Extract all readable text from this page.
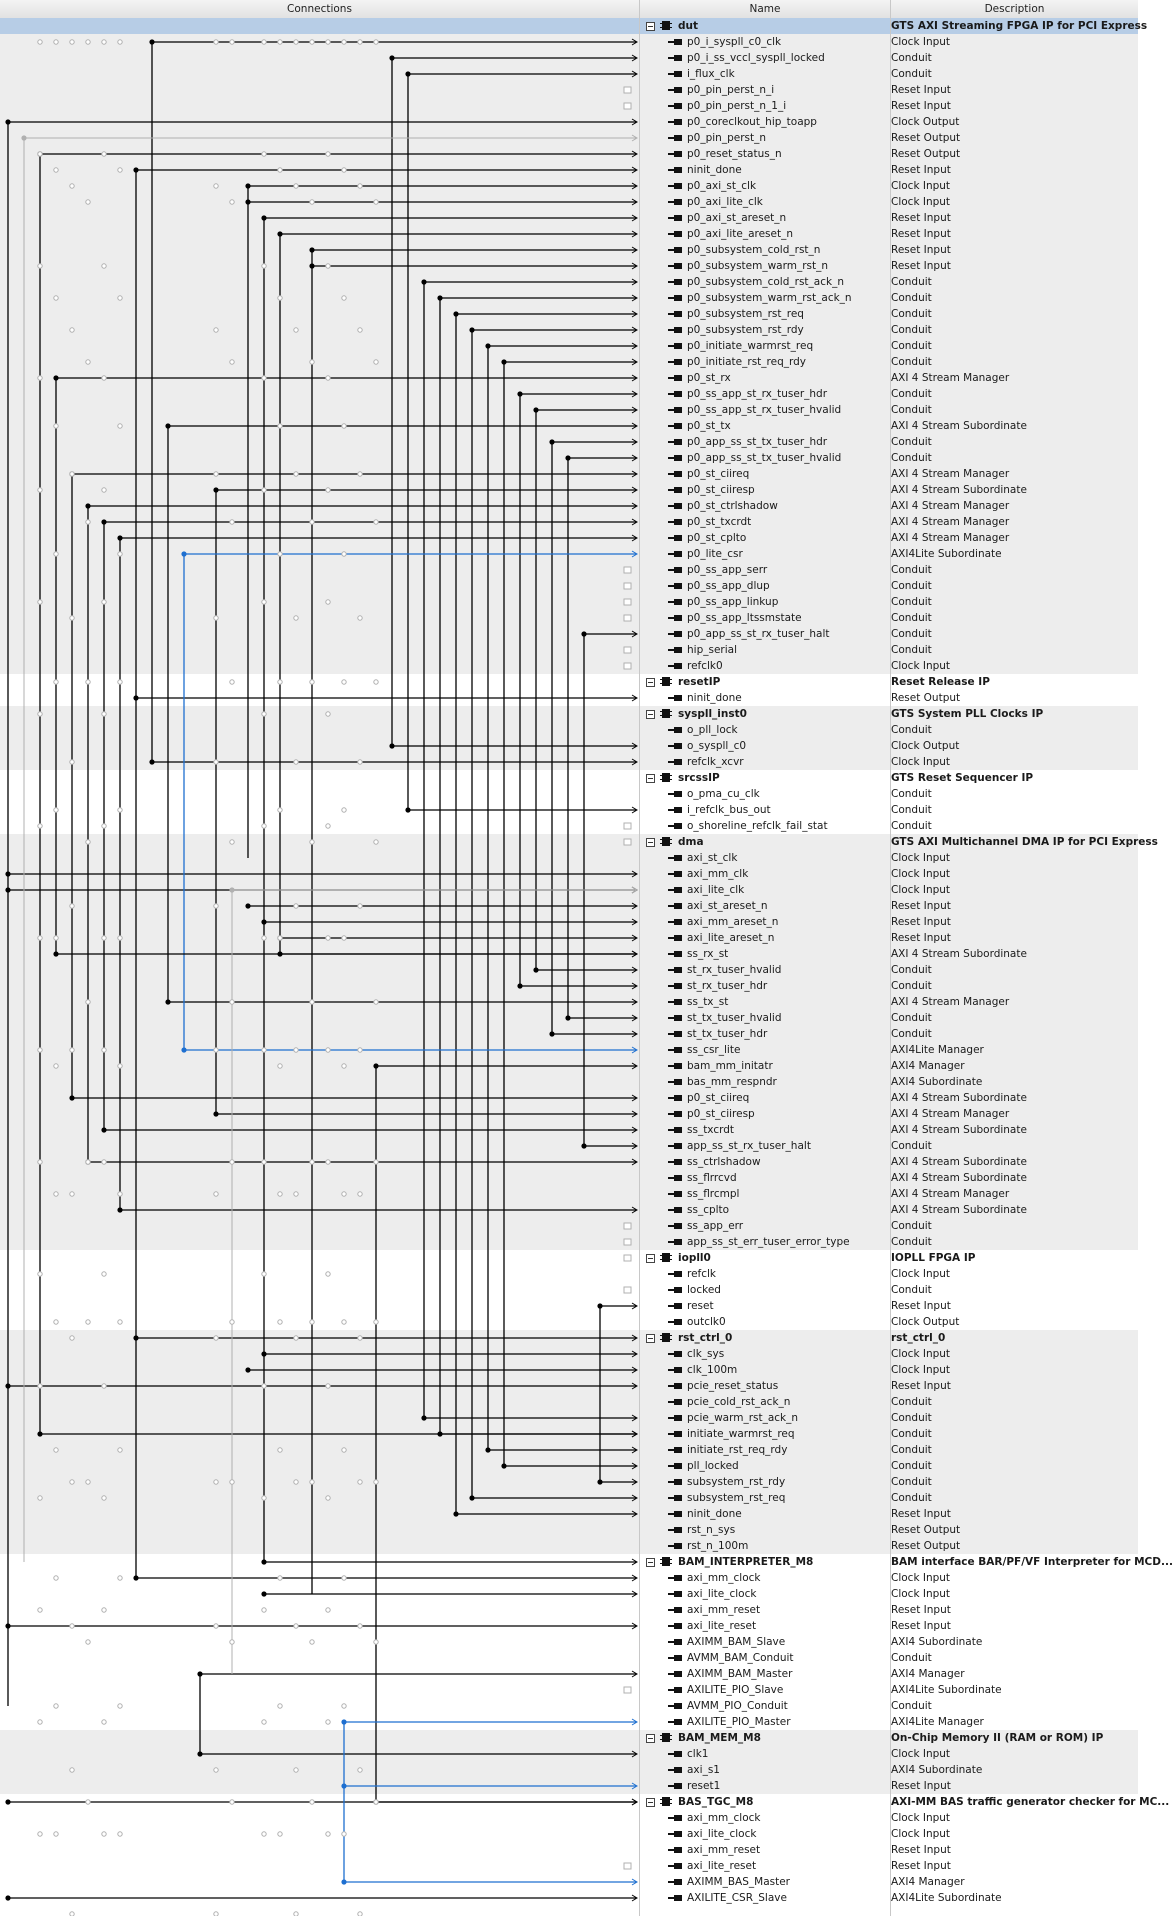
Connections	Name	Description
dut	GTS AXI Streaming FPGA IP for PCI Express
p0_i_syspll_c0_clk	Clock Input
p0_i_ss_vccl_syspll_locked	Conduit
i_flux_clk	Conduit
p0_pin_perst_n_i	Reset Input
p0_pin_perst_n_1_i	Reset Input
p0_coreclkout_hip_toapp	Clock Output
p0_pin_perst_n	Reset Output
p0_reset_status_n	Reset Output
ninit_done	Reset Input
p0_axi_st_clk	Clock Input
p0_axi_lite_clk	Clock Input
p0_axi_st_areset_n	Reset Input
p0_axi_lite_areset_n	Reset Input
p0_subsystem_cold_rst_n	Reset Input
p0_subsystem_warm_rst_n	Reset Input
p0_subsystem_cold_rst_ack_n	Conduit
p0_subsystem_warm_rst_ack_n	Conduit
p0_subsystem_rst_req	Conduit
p0_subsystem_rst_rdy	Conduit
p0_initiate_warmrst_req	Conduit
p0_initiate_rst_req_rdy	Conduit
p0_st_rx	AXI 4 Stream Manager
p0_ss_app_st_rx_tuser_hdr	Conduit
p0_ss_app_st_rx_tuser_hvalid	Conduit
p0_st_tx	AXI 4 Stream Subordinate
p0_app_ss_st_tx_tuser_hdr	Conduit
p0_app_ss_st_tx_tuser_hvalid	Conduit
p0_st_ciireq	AXI 4 Stream Manager
p0_st_ciiresp	AXI 4 Stream Subordinate
p0_st_ctrlshadow	AXI 4 Stream Manager
p0_st_txcrdt	AXI 4 Stream Manager
p0_st_cplto	AXI 4 Stream Manager
p0_lite_csr	AXI4Lite Subordinate
p0_ss_app_serr	Conduit
p0_ss_app_dlup	Conduit
p0_ss_app_linkup	Conduit
p0_ss_app_ltssmstate	Conduit
p0_app_ss_st_rx_tuser_halt	Conduit
hip_serial	Conduit
refclk0	Clock Input
resetIP	Reset Release IP
ninit_done	Reset Output
syspll_inst0	GTS System PLL Clocks IP
o_pll_lock	Conduit
o_syspll_c0	Clock Output
refclk_xcvr	Clock Input
srcssIP	GTS Reset Sequencer IP
o_pma_cu_clk	Conduit
i_refclk_bus_out	Conduit
o_shoreline_refclk_fail_stat	Conduit
dma	GTS AXI Multichannel DMA IP for PCI Express
axi_st_clk	Clock Input
axi_mm_clk	Clock Input
axi_lite_clk	Clock Input
axi_st_areset_n	Reset Input
axi_mm_areset_n	Reset Input
axi_lite_areset_n	Reset Input
ss_rx_st	AXI 4 Stream Subordinate
st_rx_tuser_hvalid	Conduit
st_rx_tuser_hdr	Conduit
ss_tx_st	AXI 4 Stream Manager
st_tx_tuser_hvalid	Conduit
st_tx_tuser_hdr	Conduit
ss_csr_lite	AXI4Lite Manager
bam_mm_initatr	AXI4 Manager
bas_mm_respndr	AXI4 Subordinate
p0_st_ciireq	AXI 4 Stream Subordinate
p0_st_ciiresp	AXI 4 Stream Manager
ss_txcrdt	AXI 4 Stream Subordinate
app_ss_st_rx_tuser_halt	Conduit
ss_ctrlshadow	AXI 4 Stream Subordinate
ss_flrrcvd	AXI 4 Stream Subordinate
ss_flrcmpl	AXI 4 Stream Manager
ss_cplto	AXI 4 Stream Subordinate
ss_app_err	Conduit
app_ss_st_err_tuser_error_type	Conduit
iopll0	IOPLL FPGA IP
refclk	Clock Input
locked	Conduit
reset	Reset Input
outclk0	Clock Output
rst_ctrl_0	rst_ctrl_0
clk_sys	Clock Input
clk_100m	Clock Input
pcie_reset_status	Reset Input
pcie_cold_rst_ack_n	Conduit
pcie_warm_rst_ack_n	Conduit
initiate_warmrst_req	Conduit
initiate_rst_req_rdy	Conduit
pll_locked	Conduit
subsystem_rst_rdy	Conduit
subsystem_rst_req	Conduit
ninit_done	Reset Input
rst_n_sys	Reset Output
rst_n_100m	Reset Output
BAM_INTERPRETER_M8	BAM interface BAR/PF/VF Interpreter for MCD...
axi_mm_clock	Clock Input
axi_lite_clock	Clock Input
axi_mm_reset	Reset Input
axi_lite_reset	Reset Input
AXIMM_BAM_Slave	AXI4 Subordinate
AVMM_BAM_Conduit	Conduit
AXIMM_BAM_Master	AXI4 Manager
AXILITE_PIO_Slave	AXI4Lite Subordinate
AVMM_PIO_Conduit	Conduit
AXILITE_PIO_Master	AXI4Lite Manager
BAM_MEM_M8	On-Chip Memory II (RAM or ROM) IP
clk1	Clock Input
axi_s1	AXI4 Subordinate
reset1	Reset Input
BAS_TGC_M8	AXI-MM BAS traffic generator checker for MC...
axi_mm_clock	Clock Input
axi_lite_clock	Clock Input
axi_mm_reset	Reset Input
axi_lite_reset	Reset Input
AXIMM_BAS_Master	AXI4 Manager
AXILITE_CSR_Slave	AXI4Lite Subordinate
